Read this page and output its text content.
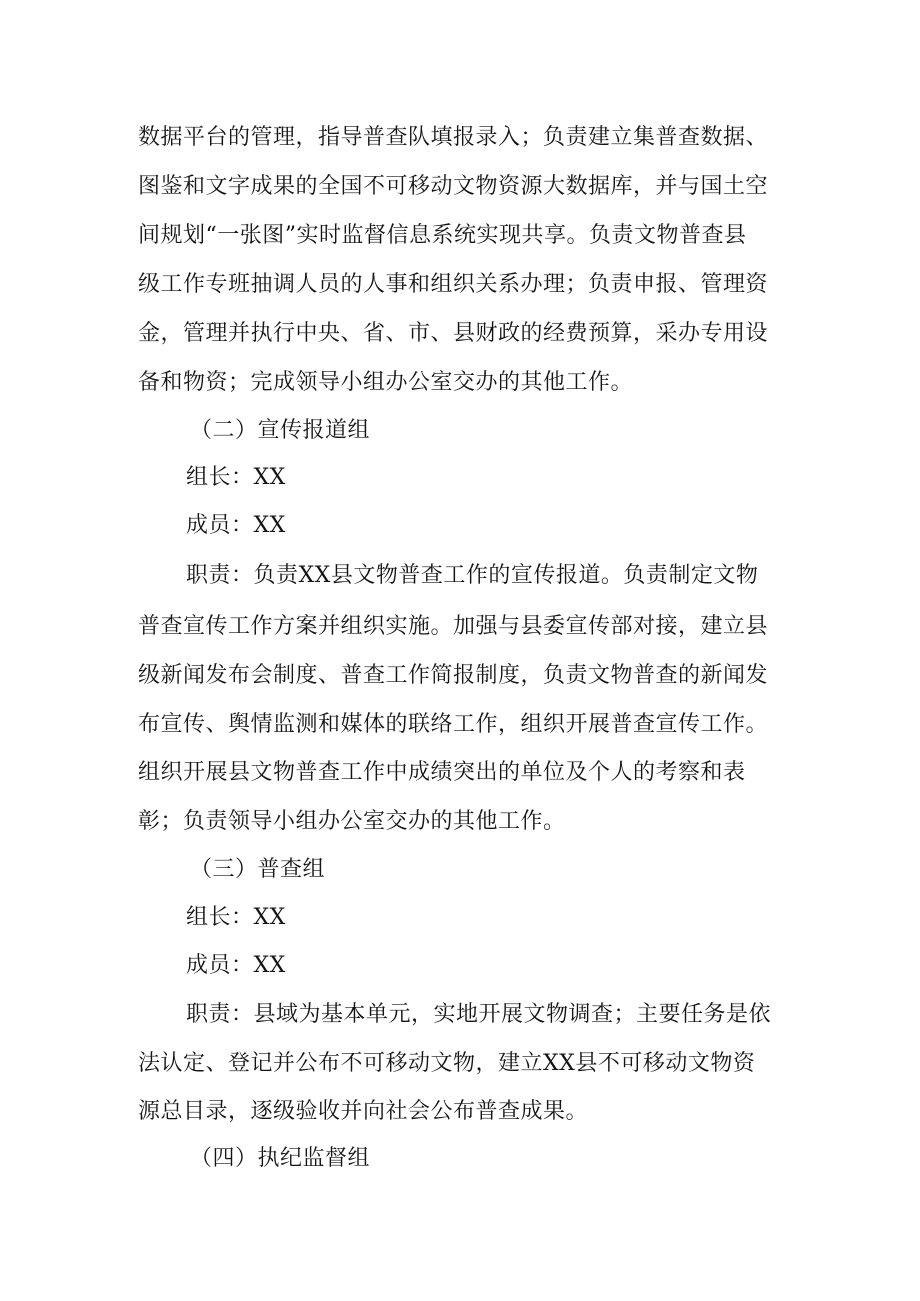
数据平台的管理，指导普查队填报录入；负责建立集普查数据、
图鉴和文字成果的全国不可移动文物资源大数据库，并与国土空
间规划“一张图”实时监督信息系统实现共享。负责文物普查县
级工作专班抽调人员的人事和组织关系办理；负责申报、管理资
金，管理并执行中央、省、市、县财政的经费预算，采办专用设
备和物资；完成领导小组办公室交办的其他工作。
（二）宣传报道组
组长：XX
成员：XX
职责：负责XX县文物普查工作的宣传报道。负责制定文物
普查宣传工作方案并组织实施。加强与县委宣传部对接，建立县
级新闻发布会制度、普查工作简报制度，负责文物普查的新闻发
布宣传、舆情监测和媒体的联络工作，组织开展普查宣传工作。
组织开展县文物普查工作中成绩突出的单位及个人的考察和表
彰；负责领导小组办公室交办的其他工作。
（三）普查组
组长：XX
成员：XX
职责：县域为基本单元，实地开展文物调查；主要任务是依
法认定、登记并公布不可移动文物，建立XX县不可移动文物资
源总目录，逐级验收并向社会公布普查成果。
（四）执纪监督组
